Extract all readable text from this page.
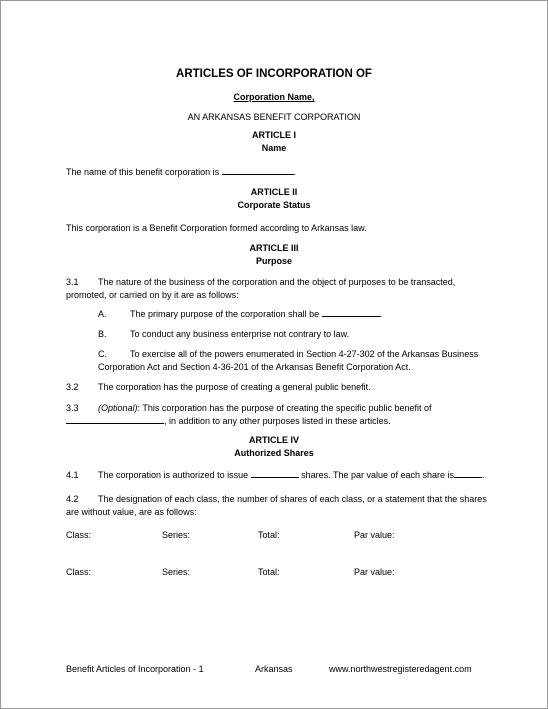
ARTICLES OF INCORPORATION OF
Corporation Name,
AN ARKANSAS BENEFIT CORPORATION
ARTICLE I
Name
The name of this benefit corporation is	.
ARTICLE II
Corporate Status
This corporation is a Benefit Corporation formed according to Arkansas law.
ARTICLE III
Purpose
3.1 The nature of the business of the corporation and the object of purposes to be transacted,
promoted, or carried on by it are as follows:
A.	The primary purpose of the corporation shall be	.
B.	To conduct any business enterprise not contrary to law.
C.	To exercise all of the powers enumerated in Section 4-27-302 of the Arkansas Business
Corporation Act and Section 4-36-201 of the Arkansas Benefit Corporation Act.
3.2 The corporation has the purpose of creating a general public benefit.
3.3 (Optional): This corporation has the purpose of creating the specific public benefit of
, in addition to any other purposes listed in these articles.
ARTICLE IV
Authorized Shares
4.1 The corporation is authorized to issue	shares. The par value of each share is	.
4.2 The designation of each class, the number of shares of each class, or a statement that the shares
are without value, are as follows:
Class:	Series:	Total:	Par value:
Class:	Series:	Total:	Par value:
Benefit Articles of Incorporation - 1	Arkansas	www.northwestregisteredagent.com
